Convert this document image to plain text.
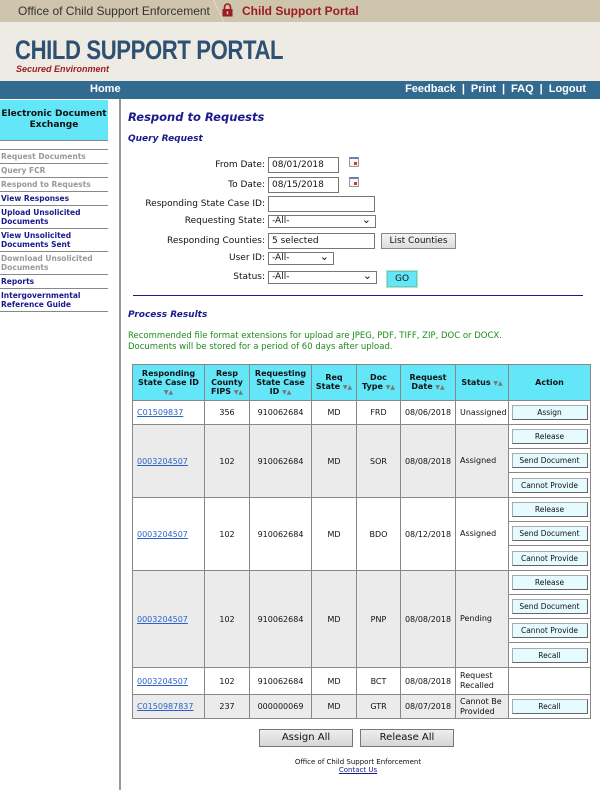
Office of Child Support Enforcement	Child Support Portal
CHILD SUPPORT PORTAL
Secured Environment
Home	Feedback | Print | FAQ | Logout
Electronic Document Exchange
Request Documents
Query FCR
Respond to Requests
View Responses
Upload Unsolicited Documents
View Unsolicited Documents Sent
Download Unsolicited Documents
Reports
Intergovernmental Reference Guide
Respond to Requests
Query Request
From Date: 08/01/2018
To Date: 08/15/2018
Responding State Case ID:
Requesting State: -All- ⌄
Responding Counties: 5 selected	List Counties
User ID: -All- ⌄
Status: -All- ⌄	GO
Process Results
Recommended file format extensions for upload are JPEG, PDF, TIFF, ZIP, DOC or DOCX.
Documents will be stored for a period of 60 days after upload.
Responding State Case ID ▼▲	Resp County FIPS ▼▲	Requesting State Case ID ▼▲	Req State ▼▲	Doc Type ▼▲	Request Date ▼▲	Status ▼▲	Action
C01509837	356	910062684	MD	FRD	08/06/2018	Unassigned	Assign

0003204507	102	910062684	MD	SOR	08/08/2018	Assigned	Release
Send Document
Cannot Provide

0003204507	102	910062684	MD	BDO	08/12/2018	Assigned	Release
Send Document
Cannot Provide

0003204507	102	910062684	MD	PNP	08/08/2018	Pending	Release
Send Document
Cannot Provide
Recall

0003204507	102	910062684	MD	BCT	08/08/2018	Request Recalled	
C0150987837	237	000000069	MD	GTR	08/07/2018	Cannot Be Provided	Recall
Assign All	Release All
Office of Child Support Enforcement
Contact Us
